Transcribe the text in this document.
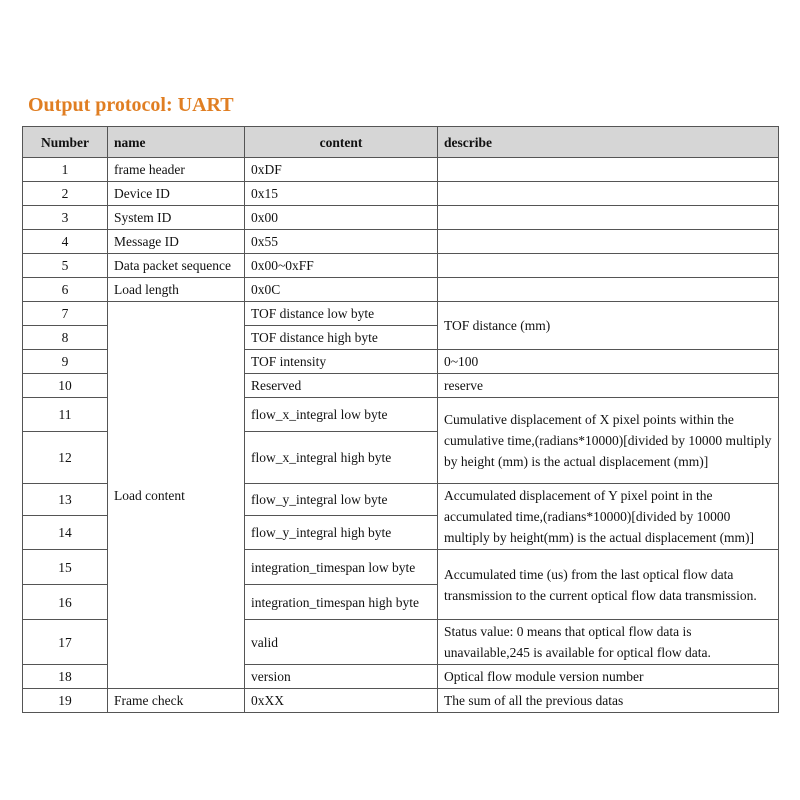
Output protocol: UART
Number	name	content	describe
1	frame header	0xDF	
2	Device ID	0x15	
3	System ID	0x00	
4	Message ID	0x55	
5	Data packet sequence	0x00~0xFF	
6	Load length	0x0C	
7	Load content	TOF distance low byte	TOF distance (mm)
8		TOF distance high byte	
9		TOF intensity	0~100
10		Reserved	reserve
11		flow_x_integral low byte	Cumulative displacement of X pixel points within the cumulative time,(radians*10000)[divided by 10000 multiply by height (mm) is the actual displacement (mm)]
12		flow_x_integral high byte	
13		flow_y_integral low byte	Accumulated displacement of Y pixel point in the accumulated time,(radians*10000)[divided by 10000 multiply by height(mm) is the actual displacement (mm)]
14		flow_y_integral high byte	
15		integration_timespan low byte	Accumulated time (us) from the last optical flow data transmission to the current optical flow data transmission.
16		integration_timespan high byte	
17		valid	Status value: 0 means that optical flow data is unavailable,245 is available for optical flow data.
18		version	Optical flow module version number
19	Frame check	0xXX	The sum of all the previous datas
